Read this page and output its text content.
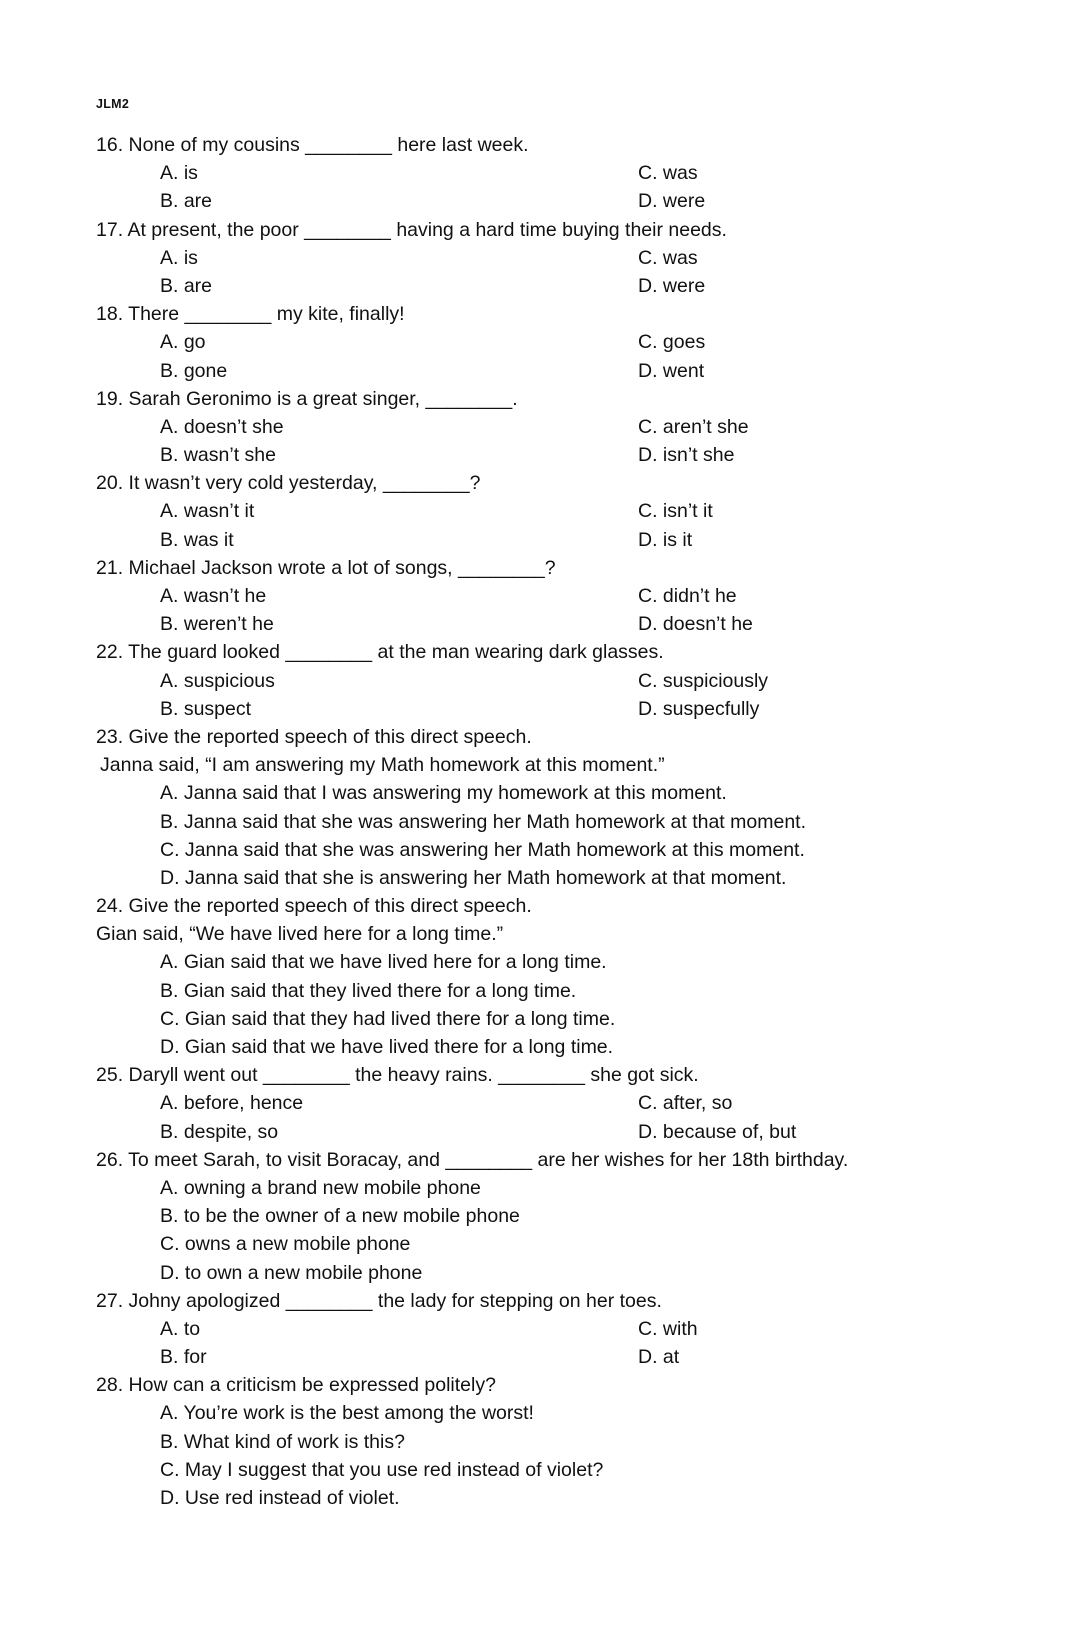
JLM2
16. None of my cousins ________ here last week.
A. is	C. was
B. are	D. were
17. At present, the poor ________ having a hard time buying their needs.
A. is	C. was
B. are	D. were
18. There ________ my kite, finally!
A. go	C. goes
B. gone	D. went
19. Sarah Geronimo is a great singer, ________.
A. doesn’t she	C. aren’t she
B. wasn’t she	D. isn’t she
20. It wasn’t very cold yesterday, ________?
A. wasn’t it	C. isn’t it
B. was it	D. is it
21. Michael Jackson wrote a lot of songs, ________?
A. wasn’t he	C. didn’t he
B. weren’t he	D. doesn’t he
22. The guard looked ________ at the man wearing dark glasses.
A. suspicious	C. suspiciously
B. suspect	D. suspecfully
23. Give the reported speech of this direct speech.
Janna said, “I am answering my Math homework at this moment.”
A. Janna said that I was answering my homework at this moment.
B. Janna said that she was answering her Math homework at that moment.
C. Janna said that she was answering her Math homework at this moment.
D. Janna said that she is answering her Math homework at that moment.
24. Give the reported speech of this direct speech.
Gian said, “We have lived here for a long time.”
A. Gian said that we have lived here for a long time.
B. Gian said that they lived there for a long time.
C. Gian said that they had lived there for a long time.
D. Gian said that we have lived there for a long time.
25. Daryll went out ________ the heavy rains. ________ she got sick.
A. before, hence	C. after, so
B. despite, so	D. because of, but
26. To meet Sarah, to visit Boracay, and ________ are her wishes for her 18th birthday.
A. owning a brand new mobile phone
B. to be the owner of a new mobile phone
C. owns a new mobile phone
D. to own a new mobile phone
27. Johny apologized ________ the lady for stepping on her toes.
A. to	C. with
B. for	D. at
28. How can a criticism be expressed politely?
A. You’re work is the best among the worst!
B. What kind of work is this?
C. May I suggest that you use red instead of violet?
D. Use red instead of violet.
